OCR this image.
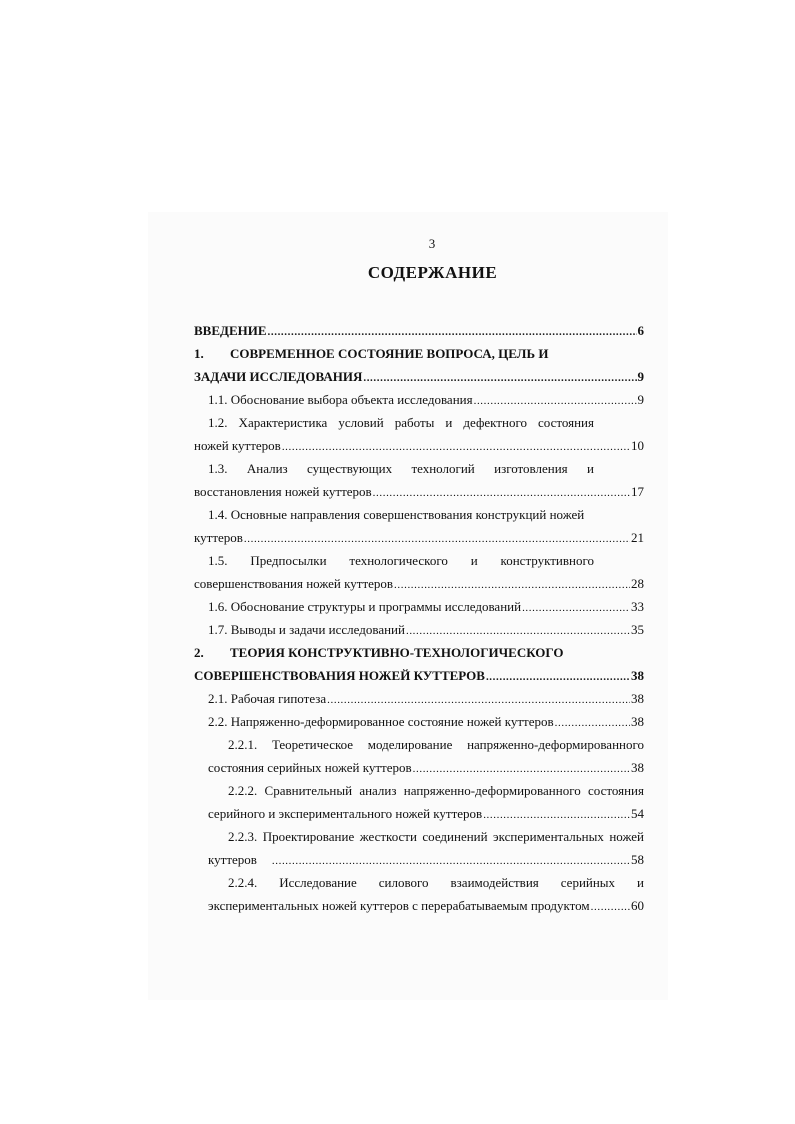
3
СОДЕРЖАНИЕ
ВВЕДЕНИЕ .....	6
1. СОВРЕМЕННОЕ СОСТОЯНИЕ ВОПРОСА, ЦЕЛЬ И
ЗАДАЧИ ИССЛЕДОВАНИЯ .....	9
1.1. Обоснование выбора объекта исследования .....	9
1.2. Характеристика условий работы и дефектного состояния
ножей куттеров .....	10
1.3. Анализ существующих технологий изготовления и
восстановления ножей куттеров .....	17
1.4. Основные направления совершенствования конструкций ножей
куттеров .....	21
1.5. Предпосылки технологического и конструктивного
совершенствования ножей куттеров .....	28
1.6. Обоснование структуры и программы исследований .....	33
1.7. Выводы и задачи исследований .....	35
2. ТЕОРИЯ КОНСТРУКТИВНО-ТЕХНОЛОГИЧЕСКОГО
СОВЕРШЕНСТВОВАНИЯ НОЖЕЙ КУТТЕРОВ .....	38
2.1. Рабочая гипотеза .....	38
2.2. Напряженно-деформированное состояние ножей куттеров .....	38
2.2.1. Теоретическое моделирование напряженно-деформированного
состояния серийных ножей куттеров .....	38
2.2.2. Сравнительный анализ напряженно-деформированного состояния
серийного и экспериментального ножей куттеров .....	54
2.2.3. Проектирование жесткости соединений экспериментальных ножей
куттеров .....	58
2.2.4. Исследование силового взаимодействия серийных и
экспериментальных ножей куттеров с перерабатываемым продуктом .....	60
